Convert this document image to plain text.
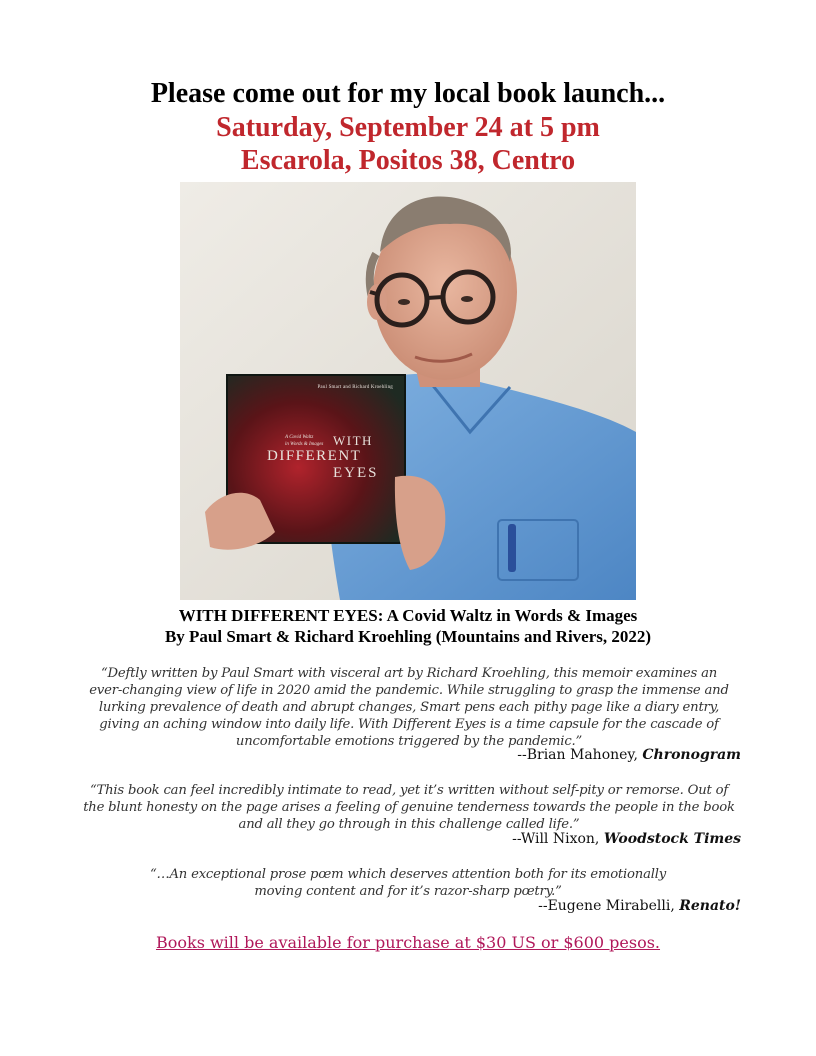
Please come out for my local book launch...
Saturday, September 24 at 5 pm
Escarola, Positos 38, Centro
Paul Smart and Richard Kroehling
A Covid Waltz
in Words & Images WITH
DIFFERENT
EYES
WITH DIFFERENT EYES: A Covid Waltz in Words & Images
By Paul Smart & Richard Kroehling (Mountains and Rivers, 2022)
“Deftly written by Paul Smart with visceral art by Richard Kroehling, this memoir examines an ever-changing view of life in 2020 amid the pandemic. While struggling to grasp the immense and lurking prevalence of death and abrupt changes, Smart pens each pithy page like a diary entry, giving an aching window into daily life. With Different Eyes is a time capsule for the cascade of uncomfortable emotions triggered by the pandemic.”
--Brian Mahoney, Chronogram
“This book can feel incredibly intimate to read, yet it’s written without self-pity or remorse. Out of the blunt honesty on the page arises a feeling of genuine tenderness towards the people in the book and all they go through in this challenge called life.”
--Will Nixon, Woodstock Times
“…An exceptional prose pœm which deserves attention both for its emotionally moving content and for it’s razor-sharp pœtry.”
--Eugene Mirabelli, Renato!
Books will be available for purchase at $30 US or $600 pesos.
